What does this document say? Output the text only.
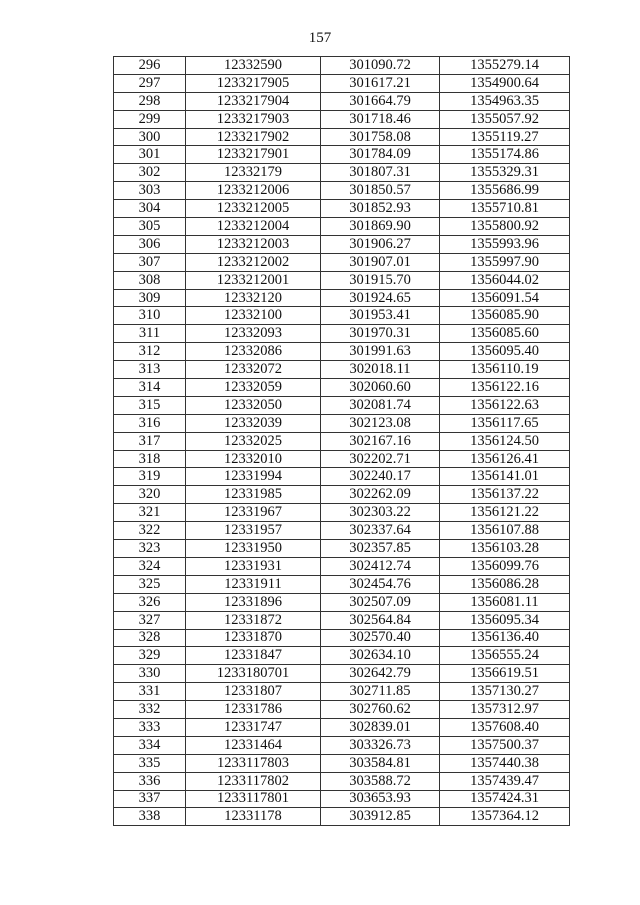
157
296	12332590	301090.72	1355279.14
297	1233217905	301617.21	1354900.64
298	1233217904	301664.79	1354963.35
299	1233217903	301718.46	1355057.92
300	1233217902	301758.08	1355119.27
301	1233217901	301784.09	1355174.86
302	12332179	301807.31	1355329.31
303	1233212006	301850.57	1355686.99
304	1233212005	301852.93	1355710.81
305	1233212004	301869.90	1355800.92
306	1233212003	301906.27	1355993.96
307	1233212002	301907.01	1355997.90
308	1233212001	301915.70	1356044.02
309	12332120	301924.65	1356091.54
310	12332100	301953.41	1356085.90
311	12332093	301970.31	1356085.60
312	12332086	301991.63	1356095.40
313	12332072	302018.11	1356110.19
314	12332059	302060.60	1356122.16
315	12332050	302081.74	1356122.63
316	12332039	302123.08	1356117.65
317	12332025	302167.16	1356124.50
318	12332010	302202.71	1356126.41
319	12331994	302240.17	1356141.01
320	12331985	302262.09	1356137.22
321	12331967	302303.22	1356121.22
322	12331957	302337.64	1356107.88
323	12331950	302357.85	1356103.28
324	12331931	302412.74	1356099.76
325	12331911	302454.76	1356086.28
326	12331896	302507.09	1356081.11
327	12331872	302564.84	1356095.34
328	12331870	302570.40	1356136.40
329	12331847	302634.10	1356555.24
330	1233180701	302642.79	1356619.51
331	12331807	302711.85	1357130.27
332	12331786	302760.62	1357312.97
333	12331747	302839.01	1357608.40
334	12331464	303326.73	1357500.37
335	1233117803	303584.81	1357440.38
336	1233117802	303588.72	1357439.47
337	1233117801	303653.93	1357424.31
338	12331178	303912.85	1357364.12
